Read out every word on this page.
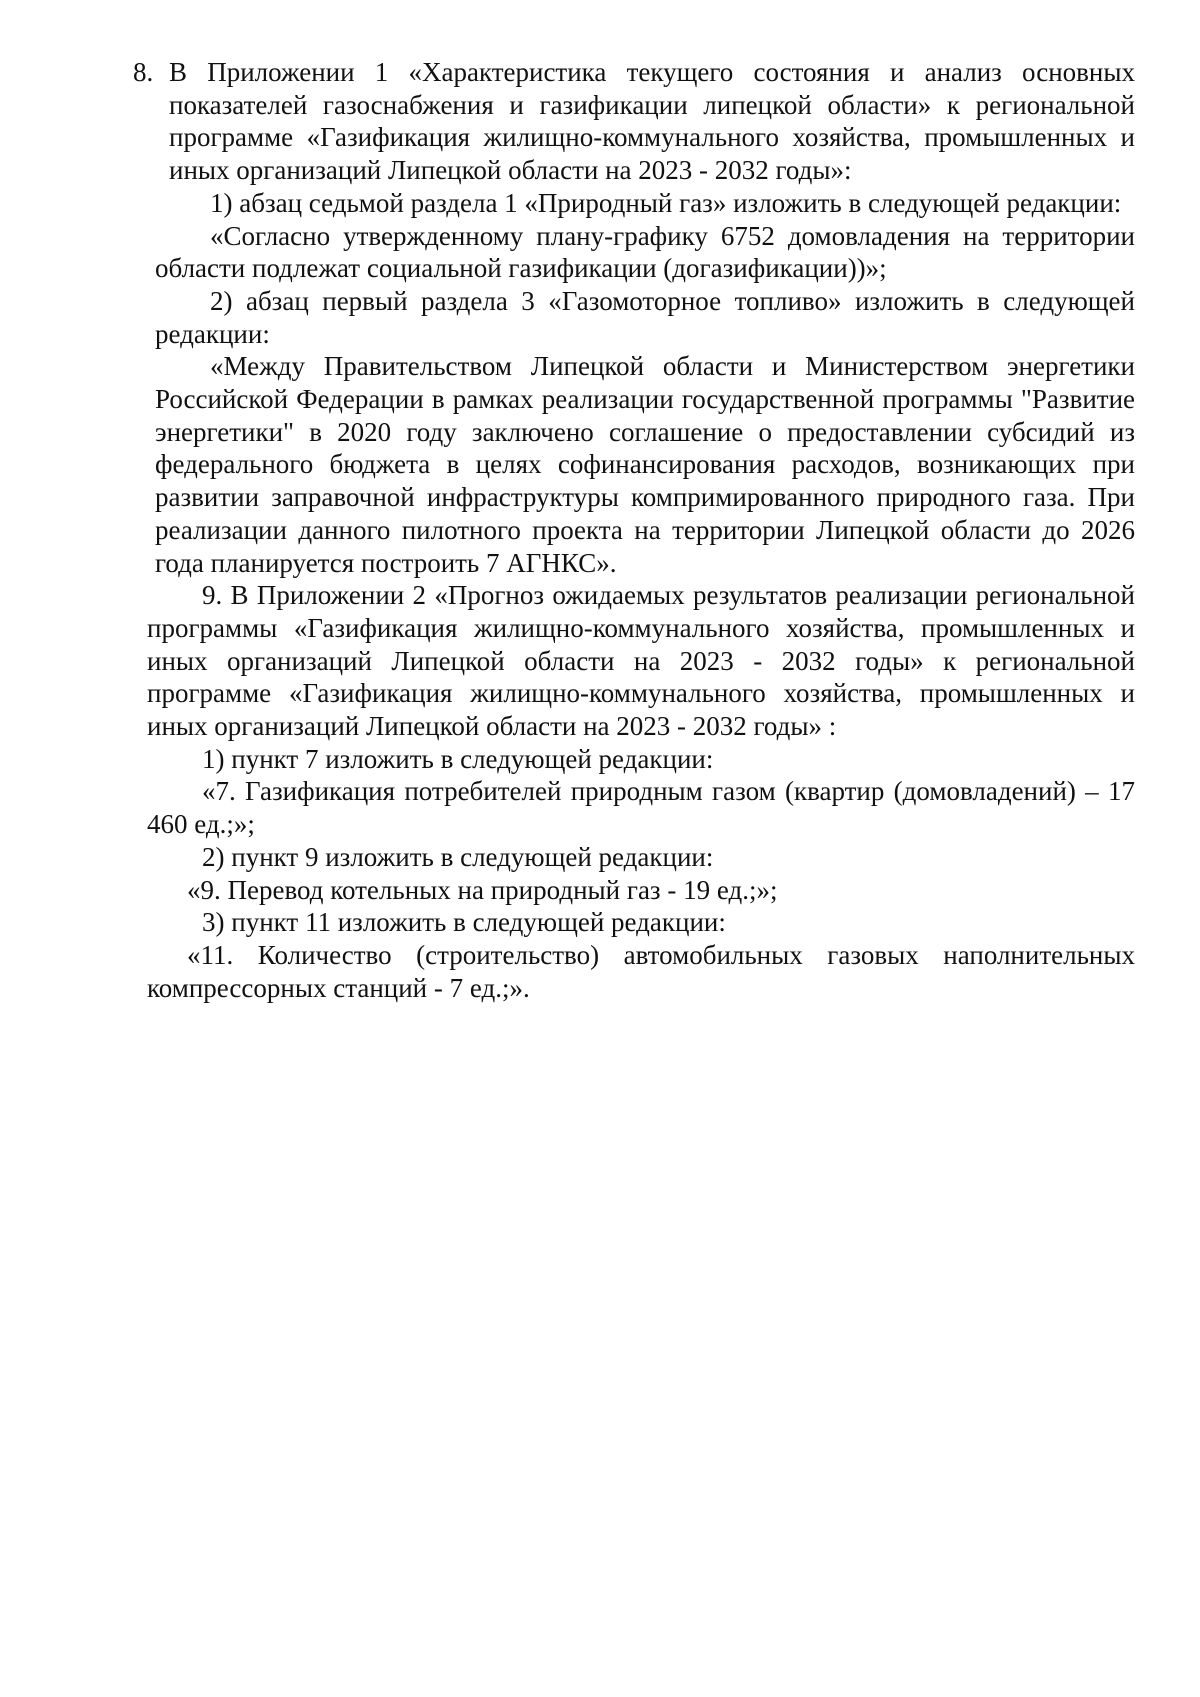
8. В Приложении 1 «Характеристика текущего состояния и анализ основных показателей газоснабжения и газификации липецкой области» к региональной программе «Газификация жилищно-коммунального хозяйства, промышленных и иных организаций Липецкой области на 2023 - 2032 годы»:

1) абзац седьмой раздела 1 «Природный газ» изложить в следующей редакции:

«Согласно утвержденному плану-графику 6752 домовладения на территории области подлежат социальной газификации (догазификации))»;

2) абзац первый раздела 3 «Газомоторное топливо» изложить в следующей редакции:

«Между Правительством Липецкой области и Министерством энергетики Российской Федерации в рамках реализации государственной программы "Развитие энергетики" в 2020 году заключено соглашение о предоставлении субсидий из федерального бюджета в целях софинансирования расходов, возникающих при развитии заправочной инфраструктуры компримированного природного газа. При реализации данного пилотного проекта на территории Липецкой области до 2026 года планируется построить 7 АГНКС».

9. В Приложении 2 «Прогноз ожидаемых результатов реализации региональной программы «Газификация жилищно-коммунального хозяйства, промышленных и иных организаций Липецкой области на 2023 - 2032 годы» к региональной программе «Газификация жилищно-коммунального хозяйства, промышленных и иных организаций Липецкой области на 2023 - 2032 годы» :

1) пункт 7 изложить в следующей редакции:

«7. Газификация потребителей природным газом (квартир (домовладений) – 17 460 ед.;»;

2) пункт 9 изложить в следующей редакции:

«9. Перевод котельных на природный газ - 19 ед.;»;

3) пункт 11 изложить в следующей редакции:

«11. Количество (строительство) автомобильных газовых наполнительных компрессорных станций - 7 ед.;».
